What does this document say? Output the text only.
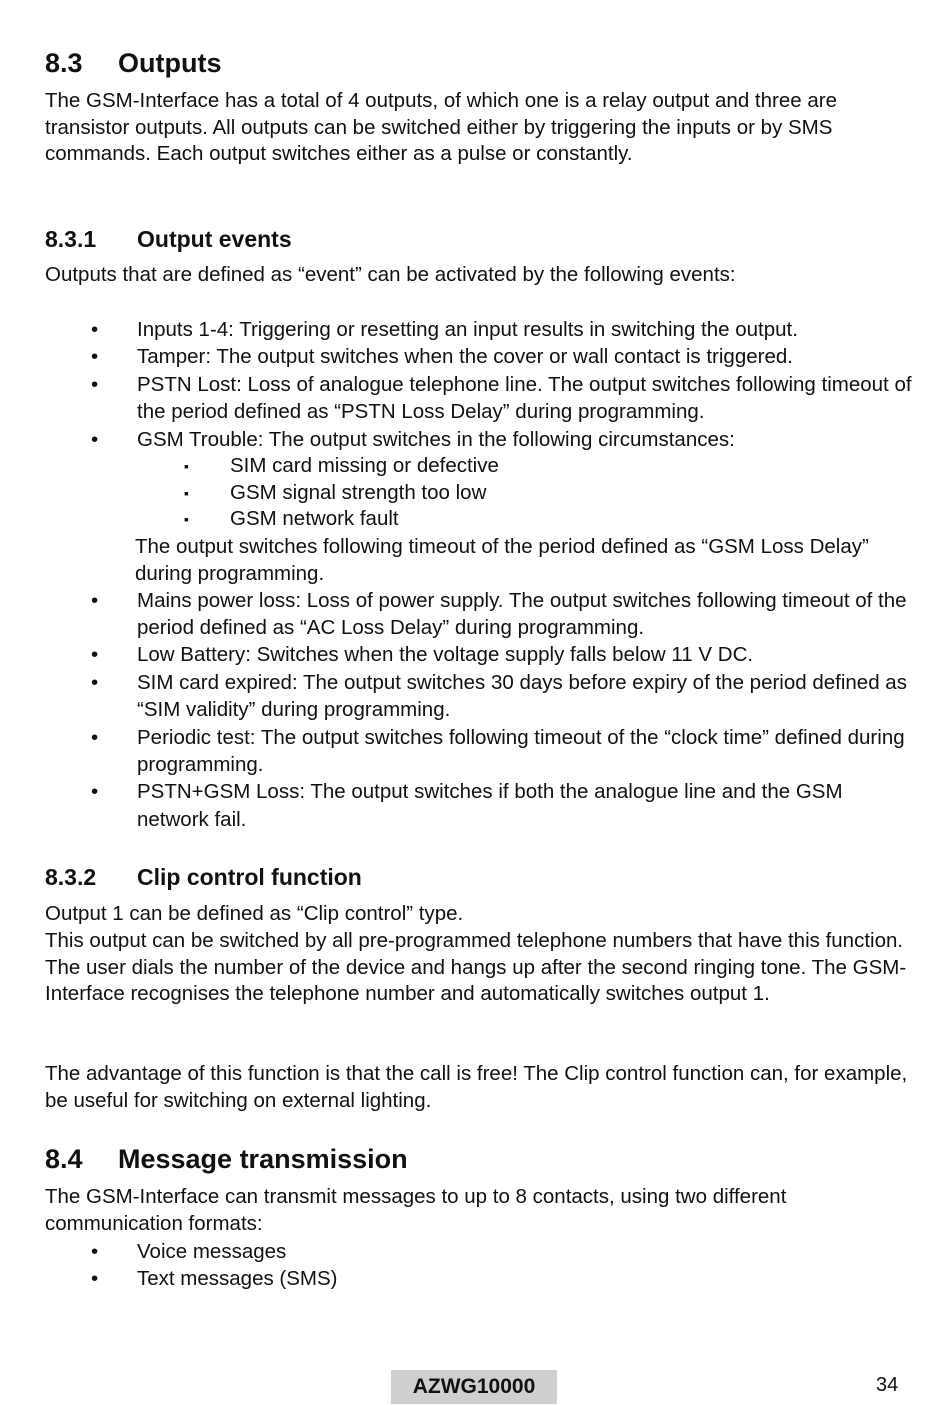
8.3 Outputs
The GSM-Interface has a total of 4 outputs, of which one is a relay output and three are transistor outputs. All outputs can be switched either by triggering the inputs or by SMS commands. Each output switches either as a pulse or constantly.
8.3.1 Output events
Outputs that are defined as “event” can be activated by the following events:
• Inputs 1-4: Triggering or resetting an input results in switching the output.
• Tamper: The output switches when the cover or wall contact is triggered.
• PSTN Lost: Loss of analogue telephone line. The output switches following timeout of the period defined as “PSTN Loss Delay” during programming.
• GSM Trouble: The output switches in the following circumstances:
▪ SIM card missing or defective
▪ GSM signal strength too low
▪ GSM network fault
The output switches following timeout of the period defined as “GSM Loss Delay” during programming.
• Mains power loss: Loss of power supply. The output switches following timeout of the period defined as “AC Loss Delay” during programming.
• Low Battery: Switches when the voltage supply falls below 11 V DC.
• SIM card expired: The output switches 30 days before expiry of the period defined as “SIM validity” during programming.
• Periodic test: The output switches following timeout of the “clock time” defined during programming.
• PSTN+GSM Loss: The output switches if both the analogue line and the GSM network fail.
8.3.2 Clip control function
Output 1 can be defined as “Clip control” type.
This output can be switched by all pre-programmed telephone numbers that have this function. The user dials the number of the device and hangs up after the second ringing tone. The GSM-Interface recognises the telephone number and automatically switches output 1.
The advantage of this function is that the call is free! The Clip control function can, for example, be useful for switching on external lighting.
8.4 Message transmission
The GSM-Interface can transmit messages to up to 8 contacts, using two different communication formats:
• Voice messages
• Text messages (SMS)
AZWG10000	34
